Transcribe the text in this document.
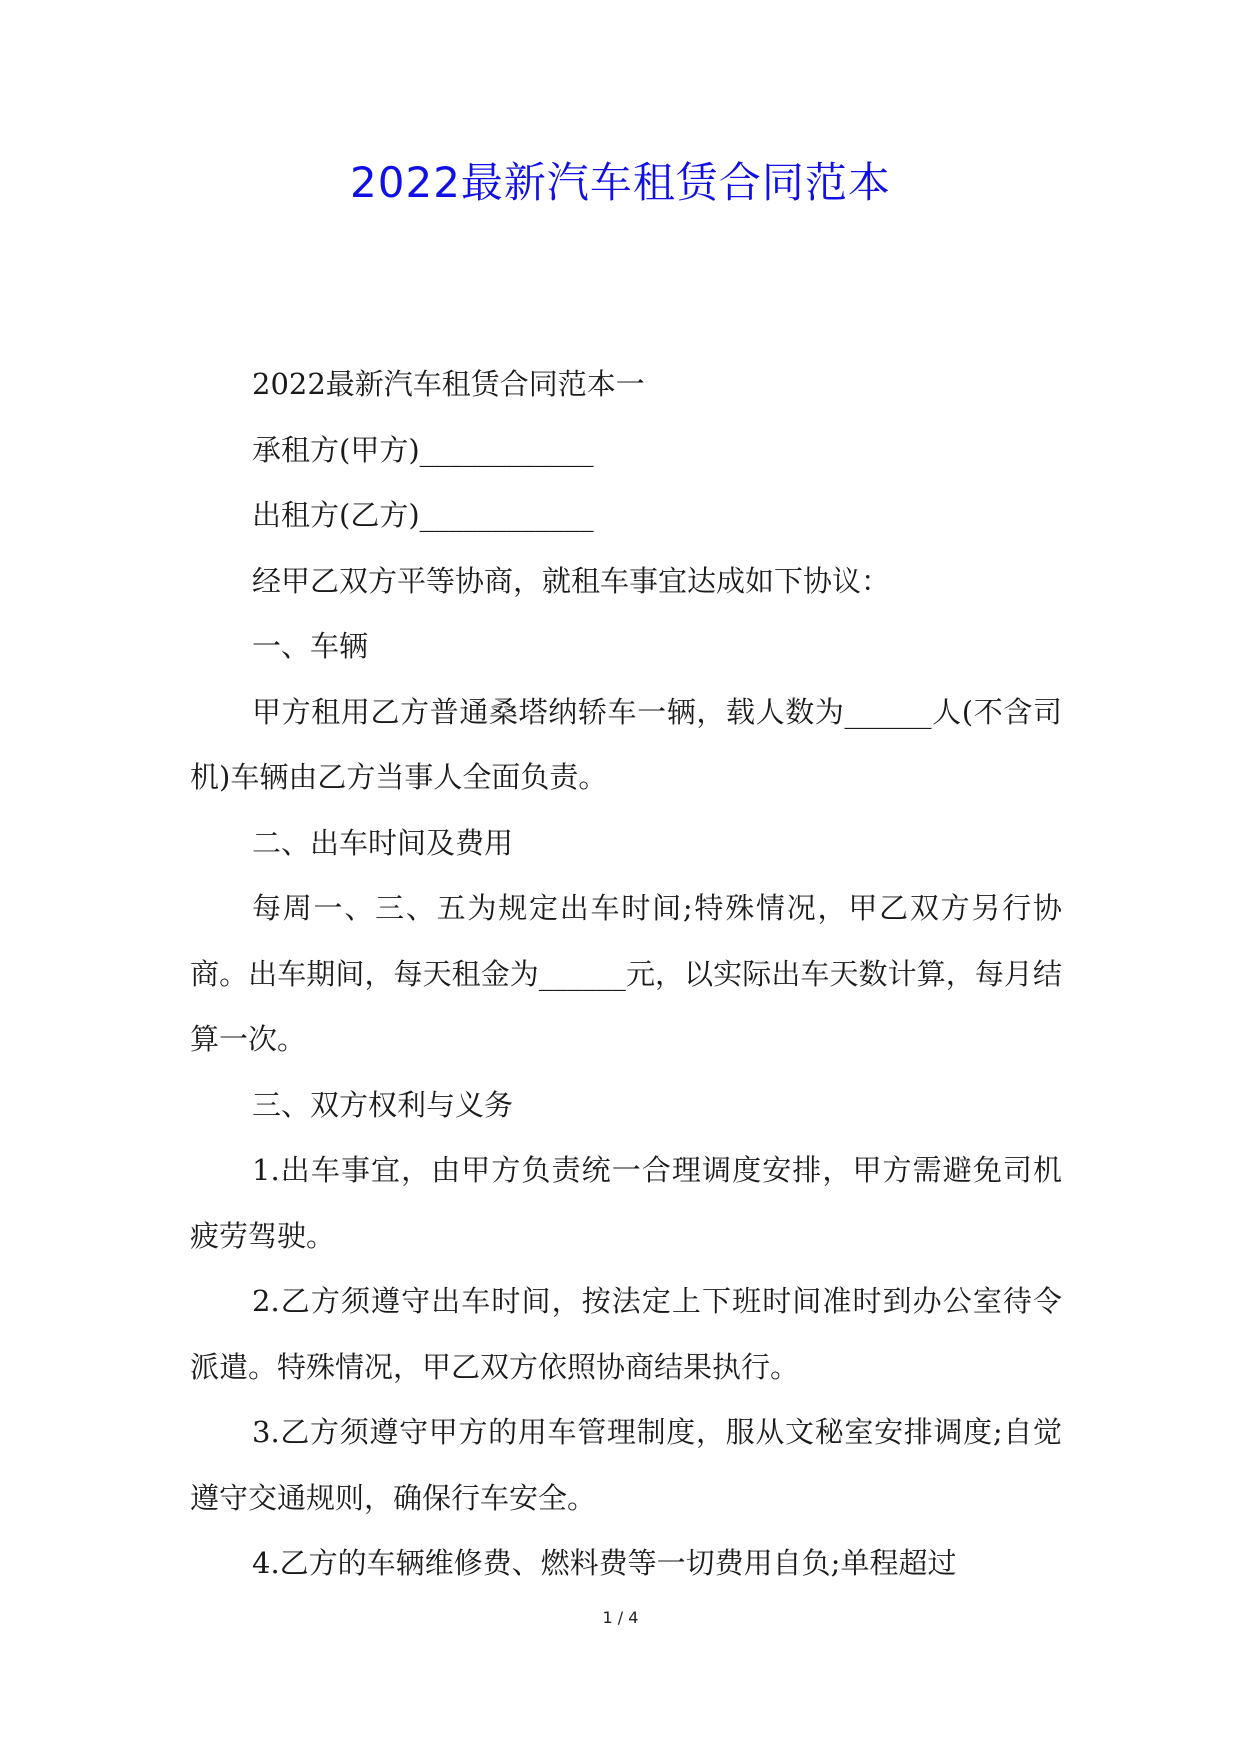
2022最新汽车租赁合同范本

2022最新汽车租赁合同范本一

承租方(甲方)____________

出租方(乙方)____________

经甲乙双方平等协商，就租车事宜达成如下协议：

一、车辆

甲方租用乙方普通桑塔纳轿车一辆，载人数为______人(不含司机)车辆由乙方当事人全面负责。

二、出车时间及费用

每周一、三、五为规定出车时间;特殊情况，甲乙双方另行协商。出车期间，每天租金为______元，以实际出车天数计算，每月结算一次。

三、双方权利与义务

1.出车事宜，由甲方负责统一合理调度安排，甲方需避免司机疲劳驾驶。

2.乙方须遵守出车时间，按法定上下班时间准时到办公室待令派遣。特殊情况，甲乙双方依照协商结果执行。

3.乙方须遵守甲方的用车管理制度，服从文秘室安排调度;自觉遵守交通规则，确保行车安全。

4.乙方的车辆维修费、燃料费等一切费用自负;单程超过

1 / 4
